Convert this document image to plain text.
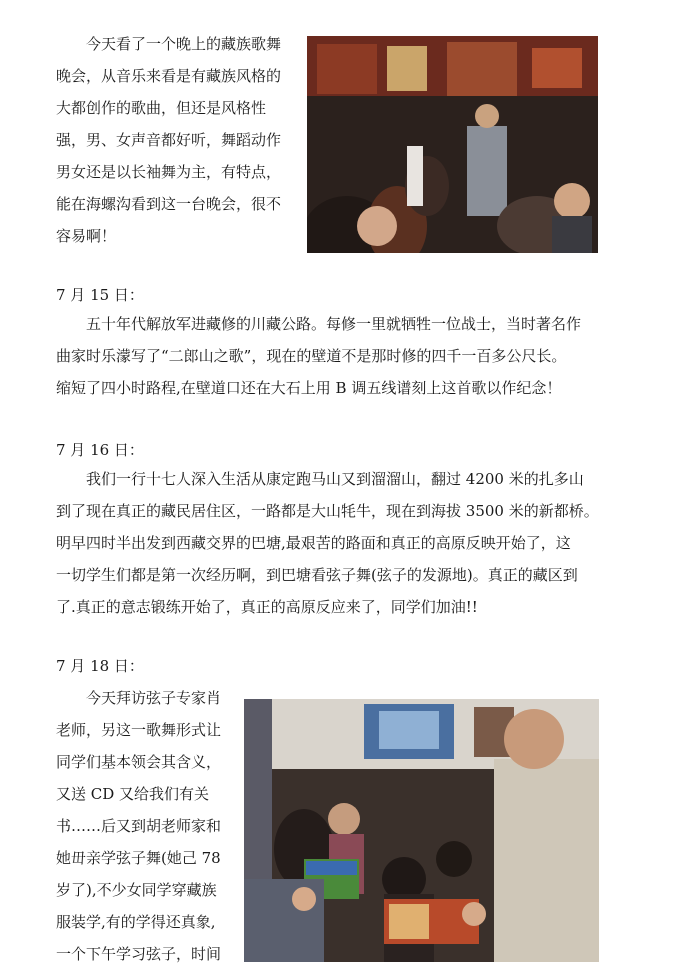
今天看了一个晚上的藏族歌舞
晚会，从音乐来看是有藏族风格的
大都创作的歌曲，但还是风格性
强，男、女声音都好听，舞蹈动作
男女还是以长袖舞为主，有特点，
能在海螺沟看到这一台晚会，很不
容易啊！

7 月 15 日：

五十年代解放军进藏修的川藏公路。每修一里就牺牲一位战士，当时著名作
曲家时乐濛写了“二郎山之歌”，现在的壁道不是那时修的四千一百多公尺长。
缩短了四小时路程,在壁道口还在大石上用 B 调五线谱刻上这首歌以作纪念！

7 月 16 日：

我们一行十七人深入生活从康定跑马山又到溜溜山，翻过 4200 米的扎多山
到了现在真正的藏民居住区，一路都是大山牦牛，现在到海拔 3500 米的新都桥。
明早四时半出发到西藏交界的巴塘,最艰苦的路面和真正的高原反映开始了，这
一切学生们都是第一次经历啊，到巴塘看弦子舞(弦子的发源地)。真正的藏区到
了.真正的意志锻练开始了，真正的高原反应来了，同学们加油!!

7 月 18 日：

今天拜访弦子专家肖
老师，另这一歌舞形式让
同学们基本领会其含义，
又送 CD 又给我们有关
书……后又到胡老师家和
她毌亲学弦子舞(她己 78
岁了),不少女同学穿藏族
服装学,有的学得还真象,
一个下午学习弦子，时间
